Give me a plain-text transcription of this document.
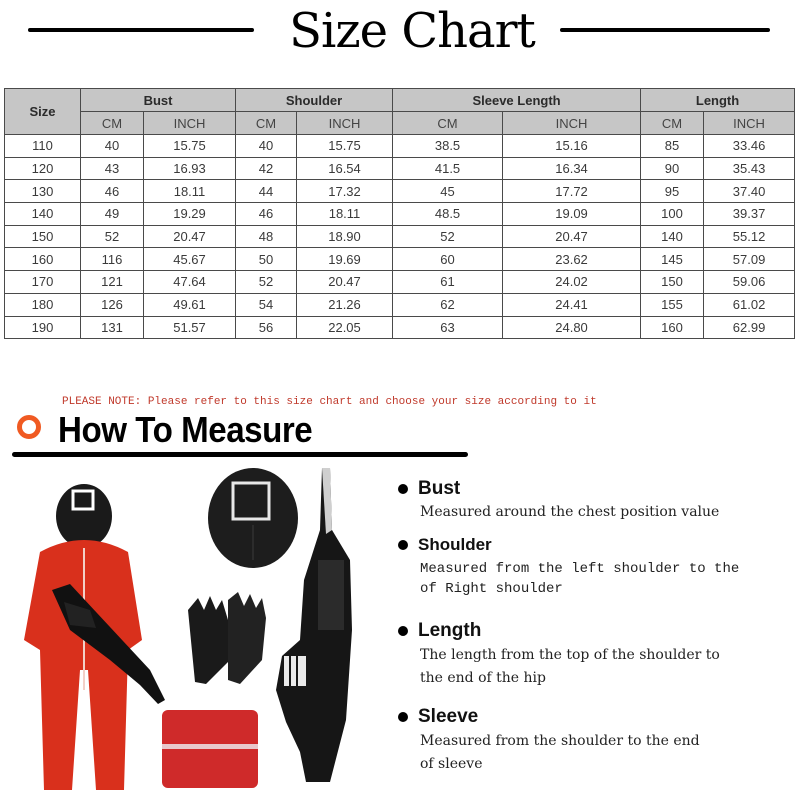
Size Chart
Size	Bust		Shoulder		Sleeve Length		Length	
	CM	INCH	CM	INCH	CM	INCH	CM	INCH
110	40	15.75	40	15.75	38.5	15.16	85	33.46
120	43	16.93	42	16.54	41.5	16.34	90	35.43
130	46	18.11	44	17.32	45	17.72	95	37.40
140	49	19.29	46	18.11	48.5	19.09	100	39.37
150	52	20.47	48	18.90	52	20.47	140	55.12
160	116	45.67	50	19.69	60	23.62	145	57.09
170	121	47.64	52	20.47	61	24.02	150	59.06
180	126	49.61	54	21.26	62	24.41	155	61.02
190	131	51.57	56	22.05	63	24.80	160	62.99
PLEASE NOTE: Please refer to this size chart and choose your size according to it
How To Measure
Bust
Measured around the chest position value
Shoulder
Measured from the left shoulder to the
of Right shoulder
Length
The length from the top of the shoulder to
the end of the hip
Sleeve
Measured from the shoulder to the end
of sleeve
